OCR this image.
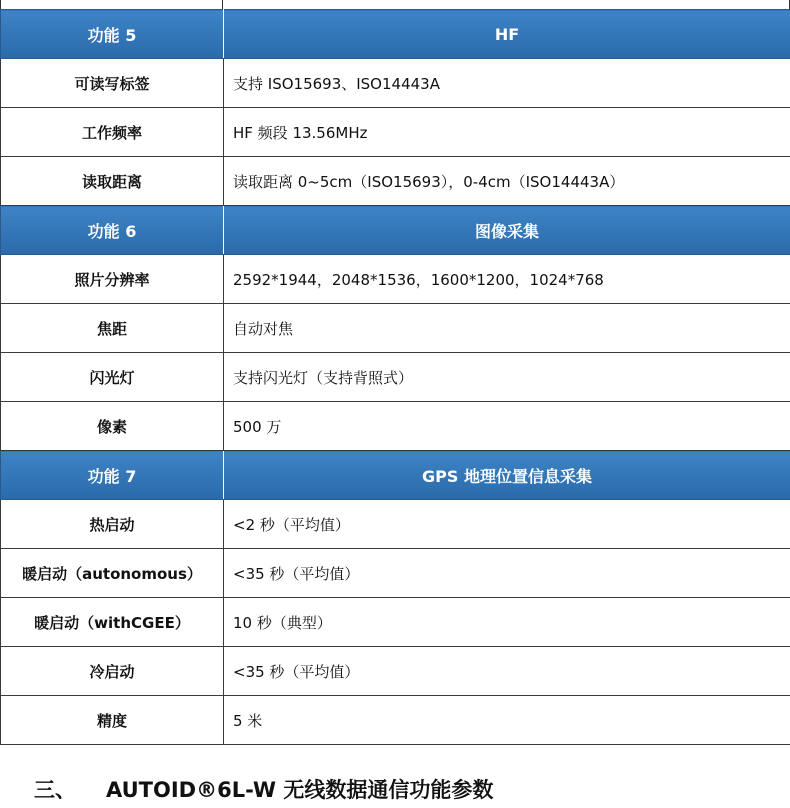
功能 5	HF
可读写标签	支持 ISO15693、ISO14443A
工作频率	HF 频段 13.56MHz
读取距离	读取距离 0~5cm（ISO15693），0-4cm（ISO14443A）
功能 6	图像采集
照片分辨率	2592*1944，2048*1536，1600*1200，1024*768
焦距	自动对焦
闪光灯	支持闪光灯（支持背照式）
像素	500 万
功能 7	GPS 地理位置信息采集
热启动	<2 秒（平均值）
暖启动（autonomous）	<35 秒（平均值）
暖启动（withCGEE）	10 秒（典型）
冷启动	<35 秒（平均值）
精度	5 米
三、 AUTOID®6L-W 无线数据通信功能参数
